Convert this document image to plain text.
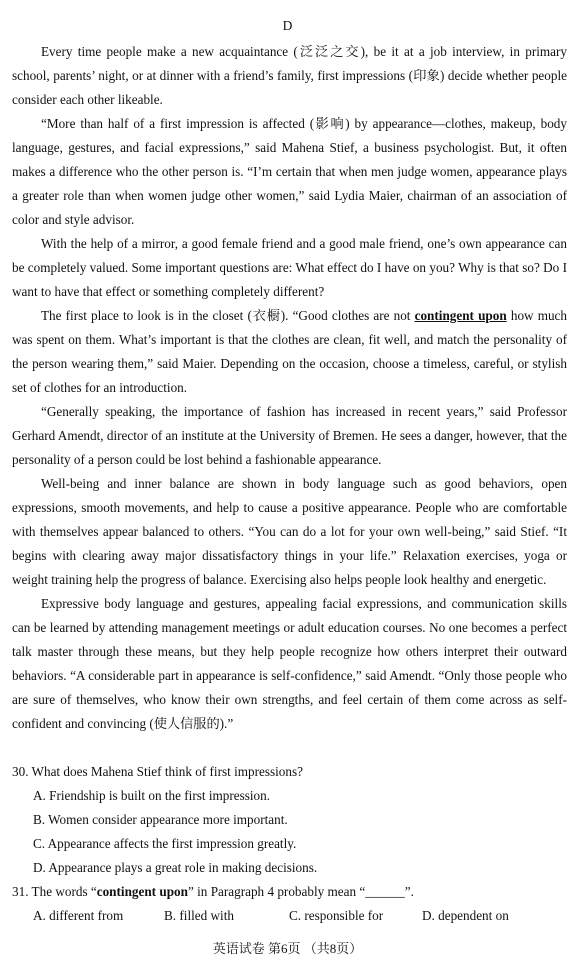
D

Every time people make a new acquaintance (泛泛之交), be it at a job interview, in primary school, parents’ night, or at dinner with a friend’s family, first impressions (印象) decide whether people consider each other likeable.

“More than half of a first impression is affected (影响) by appearance—clothes, makeup, body language, gestures, and facial expressions,” said Mahena Stief, a business psychologist. But, it often makes a difference who the other person is. “I’m certain that when men judge women, appearance plays a greater role than when women judge other women,” said Lydia Maier, chairman of an association of color and style advisor.

With the help of a mirror, a good female friend and a good male friend, one’s own appearance can be completely valued. Some important questions are: What effect do I have on you? Why is that so? Do I want to have that effect or something completely different?

The first place to look is in the closet (衣橱). “Good clothes are not contingent upon how much was spent on them. What’s important is that the clothes are clean, fit well, and match the personality of the person wearing them,” said Maier. Depending on the occasion, choose a timeless, careful, or stylish set of clothes for an introduction.

“Generally speaking, the importance of fashion has increased in recent years,” said Professor Gerhard Amendt, director of an institute at the University of Bremen. He sees a danger, however, that the personality of a person could be lost behind a fashionable appearance.

Well-being and inner balance are shown in body language such as good behaviors, open expressions, smooth movements, and help to cause a positive appearance. People who are comfortable with themselves appear balanced to others. “You can do a lot for your own well-being,” said Stief. “It begins with clearing away major dissatisfactory things in your life.” Relaxation exercises, yoga or weight training help the progress of balance. Exercising also helps people look healthy and energetic.

Expressive body language and gestures, appealing facial expressions, and communication skills can be learned by attending management meetings or adult education courses. No one becomes a perfect talk master through these means, but they help people recognize how others interpret their outward behaviors. “A considerable part in appearance is self-confidence,” said Amendt. “Only those people who are sure of themselves, who know their own strengths, and feel certain of them come across as self-confident and convincing (使人信服的).”

30. What does Mahena Stief think of first impressions?

A. Friendship is built on the first impression.

B. Women consider appearance more important.

C. Appearance affects the first impression greatly.

D. Appearance plays a great role in making decisions.

31. The words “contingent upon” in Paragraph 4 probably mean “______”.

A. different from	B. filled with	C. responsible for	D. dependent on
英语试卷 第6页 （共8页）
